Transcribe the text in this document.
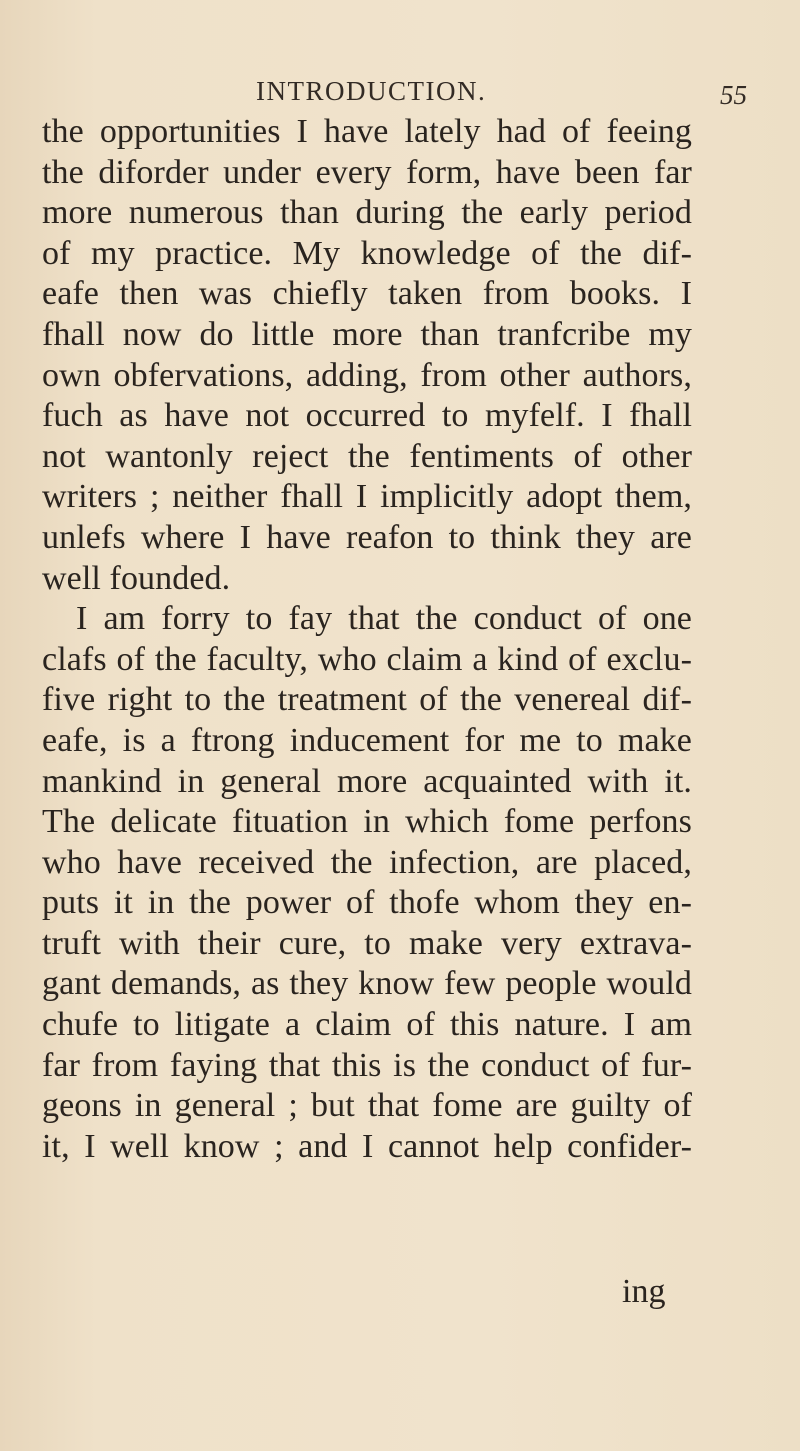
INTRODUCTION.	55
the opportunities I have lately had of feeing
the diforder under every form, have been far
more numerous than during the early period
of my practice. My knowledge of the dif-
eafe then was chiefly taken from books. I
fhall now do little more than tranfcribe my
own obfervations, adding, from other authors,
fuch as have not occurred to myfelf. I fhall
not wantonly reject the fentiments of other
writers ; neither fhall I implicitly adopt them,
unlefs where I have reafon to think they are
well founded.
I am forry to fay that the conduct of one
clafs of the faculty, who claim a kind of exclu-
five right to the treatment of the venereal dif-
eafe, is a ftrong inducement for me to make
mankind in general more acquainted with it.
The delicate fituation in which fome perfons
who have received the infection, are placed,
puts it in the power of thofe whom they en-
truft with their cure, to make very extrava-
gant demands, as they know few people would
chufe to litigate a claim of this nature. I am
far from faying that this is the conduct of fur-
geons in general ; but that fome are guilty of
it, I well know ; and I cannot help confider-
ing
